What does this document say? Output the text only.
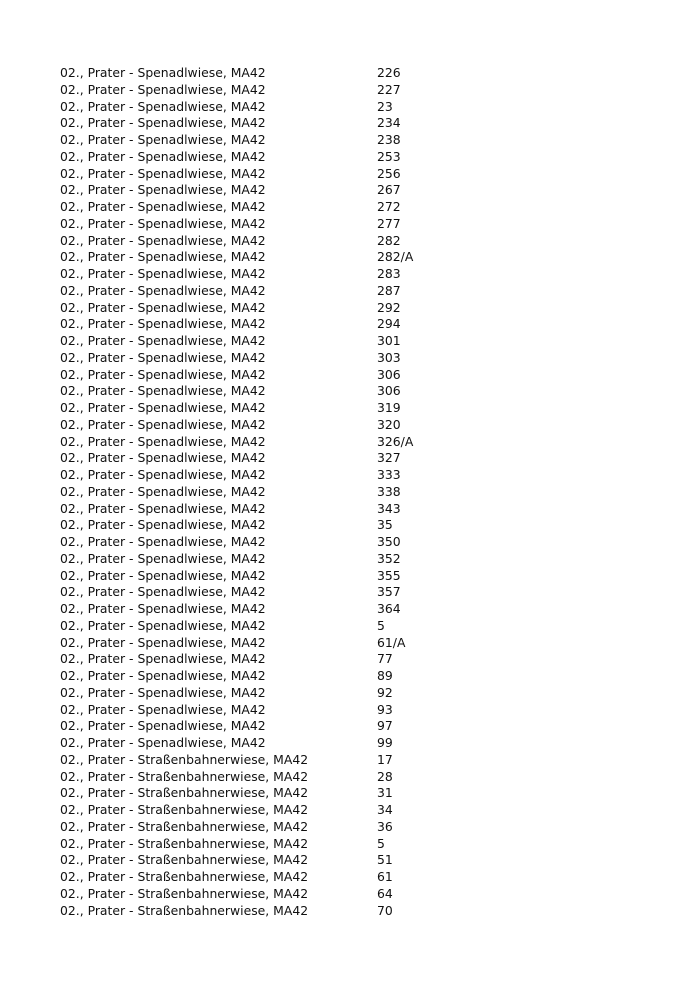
02., Prater - Spenadlwiese, MA42	226
02., Prater - Spenadlwiese, MA42	227
02., Prater - Spenadlwiese, MA42	23
02., Prater - Spenadlwiese, MA42	234
02., Prater - Spenadlwiese, MA42	238
02., Prater - Spenadlwiese, MA42	253
02., Prater - Spenadlwiese, MA42	256
02., Prater - Spenadlwiese, MA42	267
02., Prater - Spenadlwiese, MA42	272
02., Prater - Spenadlwiese, MA42	277
02., Prater - Spenadlwiese, MA42	282
02., Prater - Spenadlwiese, MA42	282/A
02., Prater - Spenadlwiese, MA42	283
02., Prater - Spenadlwiese, MA42	287
02., Prater - Spenadlwiese, MA42	292
02., Prater - Spenadlwiese, MA42	294
02., Prater - Spenadlwiese, MA42	301
02., Prater - Spenadlwiese, MA42	303
02., Prater - Spenadlwiese, MA42	306
02., Prater - Spenadlwiese, MA42	306
02., Prater - Spenadlwiese, MA42	319
02., Prater - Spenadlwiese, MA42	320
02., Prater - Spenadlwiese, MA42	326/A
02., Prater - Spenadlwiese, MA42	327
02., Prater - Spenadlwiese, MA42	333
02., Prater - Spenadlwiese, MA42	338
02., Prater - Spenadlwiese, MA42	343
02., Prater - Spenadlwiese, MA42	35
02., Prater - Spenadlwiese, MA42	350
02., Prater - Spenadlwiese, MA42	352
02., Prater - Spenadlwiese, MA42	355
02., Prater - Spenadlwiese, MA42	357
02., Prater - Spenadlwiese, MA42	364
02., Prater - Spenadlwiese, MA42	5
02., Prater - Spenadlwiese, MA42	61/A
02., Prater - Spenadlwiese, MA42	77
02., Prater - Spenadlwiese, MA42	89
02., Prater - Spenadlwiese, MA42	92
02., Prater - Spenadlwiese, MA42	93
02., Prater - Spenadlwiese, MA42	97
02., Prater - Spenadlwiese, MA42	99
02., Prater - Straßenbahnerwiese, MA42	17
02., Prater - Straßenbahnerwiese, MA42	28
02., Prater - Straßenbahnerwiese, MA42	31
02., Prater - Straßenbahnerwiese, MA42	34
02., Prater - Straßenbahnerwiese, MA42	36
02., Prater - Straßenbahnerwiese, MA42	5
02., Prater - Straßenbahnerwiese, MA42	51
02., Prater - Straßenbahnerwiese, MA42	61
02., Prater - Straßenbahnerwiese, MA42	64
02., Prater - Straßenbahnerwiese, MA42	70
